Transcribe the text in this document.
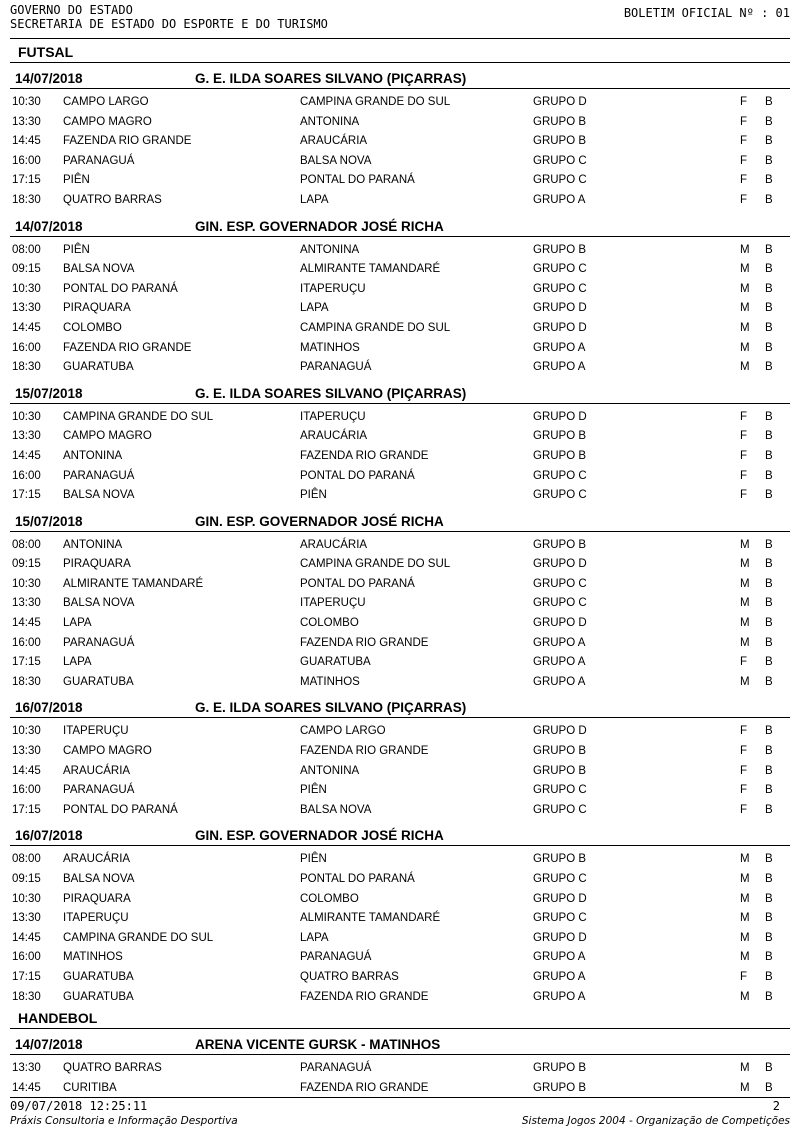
GOVERNO DO ESTADO
SECRETARIA DE ESTADO DO ESPORTE E DO TURISMO
BOLETIM OFICIAL Nº : 01
FUTSAL
14/07/2018	G. E. ILDA SOARES SILVANO (PIÇARRAS)
10:30 CAMPO LARGO	CAMPINA GRANDE DO SUL	GRUPO D	F B
13:30 CAMPO MAGRO	ANTONINA	GRUPO B	F B
14:45 FAZENDA RIO GRANDE	ARAUCÁRIA	GRUPO B	F B
16:00 PARANAGUÁ	BALSA NOVA	GRUPO C	F B
17:15 PIÊN	PONTAL DO PARANÁ	GRUPO C	F B
18:30 QUATRO BARRAS	LAPA	GRUPO A	F B
14/07/2018	GIN. ESP. GOVERNADOR JOSÉ RICHA
08:00 PIÊN	ANTONINA	GRUPO B	M B
09:15 BALSA NOVA	ALMIRANTE TAMANDARÉ	GRUPO C	M B
10:30 PONTAL DO PARANÁ	ITAPERUÇU	GRUPO C	M B
13:30 PIRAQUARA	LAPA	GRUPO D	M B
14:45 COLOMBO	CAMPINA GRANDE DO SUL	GRUPO D	M B
16:00 FAZENDA RIO GRANDE	MATINHOS	GRUPO A	M B
18:30 GUARATUBA	PARANAGUÁ	GRUPO A	M B
15/07/2018	G. E. ILDA SOARES SILVANO (PIÇARRAS)
10:30 CAMPINA GRANDE DO SUL	ITAPERUÇU	GRUPO D	F B
13:30 CAMPO MAGRO	ARAUCÁRIA	GRUPO B	F B
14:45 ANTONINA	FAZENDA RIO GRANDE	GRUPO B	F B
16:00 PARANAGUÁ	PONTAL DO PARANÁ	GRUPO C	F B
17:15 BALSA NOVA	PIÊN	GRUPO C	F B
15/07/2018	GIN. ESP. GOVERNADOR JOSÉ RICHA
08:00 ANTONINA	ARAUCÁRIA	GRUPO B	M B
09:15 PIRAQUARA	CAMPINA GRANDE DO SUL	GRUPO D	M B
10:30 ALMIRANTE TAMANDARÉ	PONTAL DO PARANÁ	GRUPO C	M B
13:30 BALSA NOVA	ITAPERUÇU	GRUPO C	M B
14:45 LAPA	COLOMBO	GRUPO D	M B
16:00 PARANAGUÁ	FAZENDA RIO GRANDE	GRUPO A	M B
17:15 LAPA	GUARATUBA	GRUPO A	F B
18:30 GUARATUBA	MATINHOS	GRUPO A	M B
16/07/2018	G. E. ILDA SOARES SILVANO (PIÇARRAS)
10:30 ITAPERUÇU	CAMPO LARGO	GRUPO D	F B
13:30 CAMPO MAGRO	FAZENDA RIO GRANDE	GRUPO B	F B
14:45 ARAUCÁRIA	ANTONINA	GRUPO B	F B
16:00 PARANAGUÁ	PIÊN	GRUPO C	F B
17:15 PONTAL DO PARANÁ	BALSA NOVA	GRUPO C	F B
16/07/2018	GIN. ESP. GOVERNADOR JOSÉ RICHA
08:00 ARAUCÁRIA	PIÊN	GRUPO B	M B
09:15 BALSA NOVA	PONTAL DO PARANÁ	GRUPO C	M B
10:30 PIRAQUARA	COLOMBO	GRUPO D	M B
13:30 ITAPERUÇU	ALMIRANTE TAMANDARÉ	GRUPO C	M B
14:45 CAMPINA GRANDE DO SUL	LAPA	GRUPO D	M B
16:00 MATINHOS	PARANAGUÁ	GRUPO A	M B
17:15 GUARATUBA	QUATRO BARRAS	GRUPO A	F B
18:30 GUARATUBA	FAZENDA RIO GRANDE	GRUPO A	M B
HANDEBOL
14/07/2018	ARENA VICENTE GURSK - MATINHOS
13:30 QUATRO BARRAS	PARANAGUÁ	GRUPO B	M B
14:45 CURITIBA	FAZENDA RIO GRANDE	GRUPO B	M B
09/07/2018 12:25:11	2
Práxis Consultoria e Informação Desportiva	Sistema Jogos 2004 - Organização de Competições
